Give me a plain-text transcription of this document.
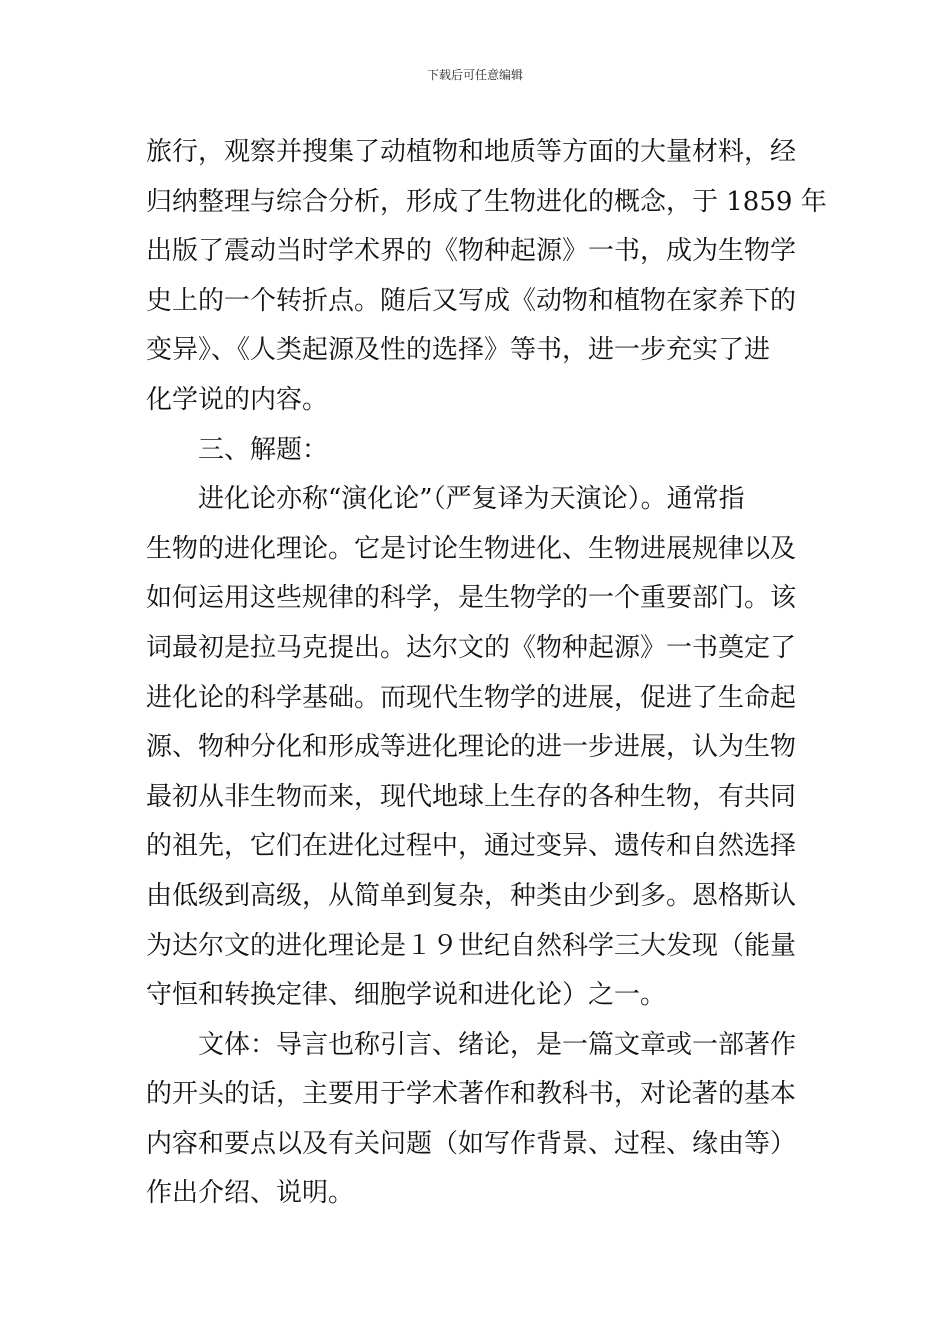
下载后可任意编辑
旅行，观察并搜集了动植物和地质等方面的大量材料，经
归纳整理与综合分析，形成了生物进化的概念，于 1859 年
出版了震动当时学术界的《物种起源》一书，成为生物学
史上的一个转折点。随后又写成《动物和植物在家养下的
变异》、《人类起源及性的选择》等书，进一步充实了进
化学说的内容。
三、解题：
进化论亦称“演化论”（严复译为天演论）。通常指
生物的进化理论。它是讨论生物进化、生物进展规律以及
如何运用这些规律的科学，是生物学的一个重要部门。该
词最初是拉马克提出。达尔文的《物种起源》一书奠定了
进化论的科学基础。而现代生物学的进展，促进了生命起
源、物种分化和形成等进化理论的进一步进展，认为生物
最初从非生物而来，现代地球上生存的各种生物，有共同
的祖先，它们在进化过程中，通过变异、遗传和自然选择
由低级到高级，从简单到复杂，种类由少到多。恩格斯认
为达尔文的进化理论是１９世纪自然科学三大发现（能量
守恒和转换定律、细胞学说和进化论）之一。
文体：导言也称引言、绪论，是一篇文章或一部著作
的开头的话，主要用于学术著作和教科书，对论著的基本
内容和要点以及有关问题（如写作背景、过程、缘由等）
作出介绍、说明。
